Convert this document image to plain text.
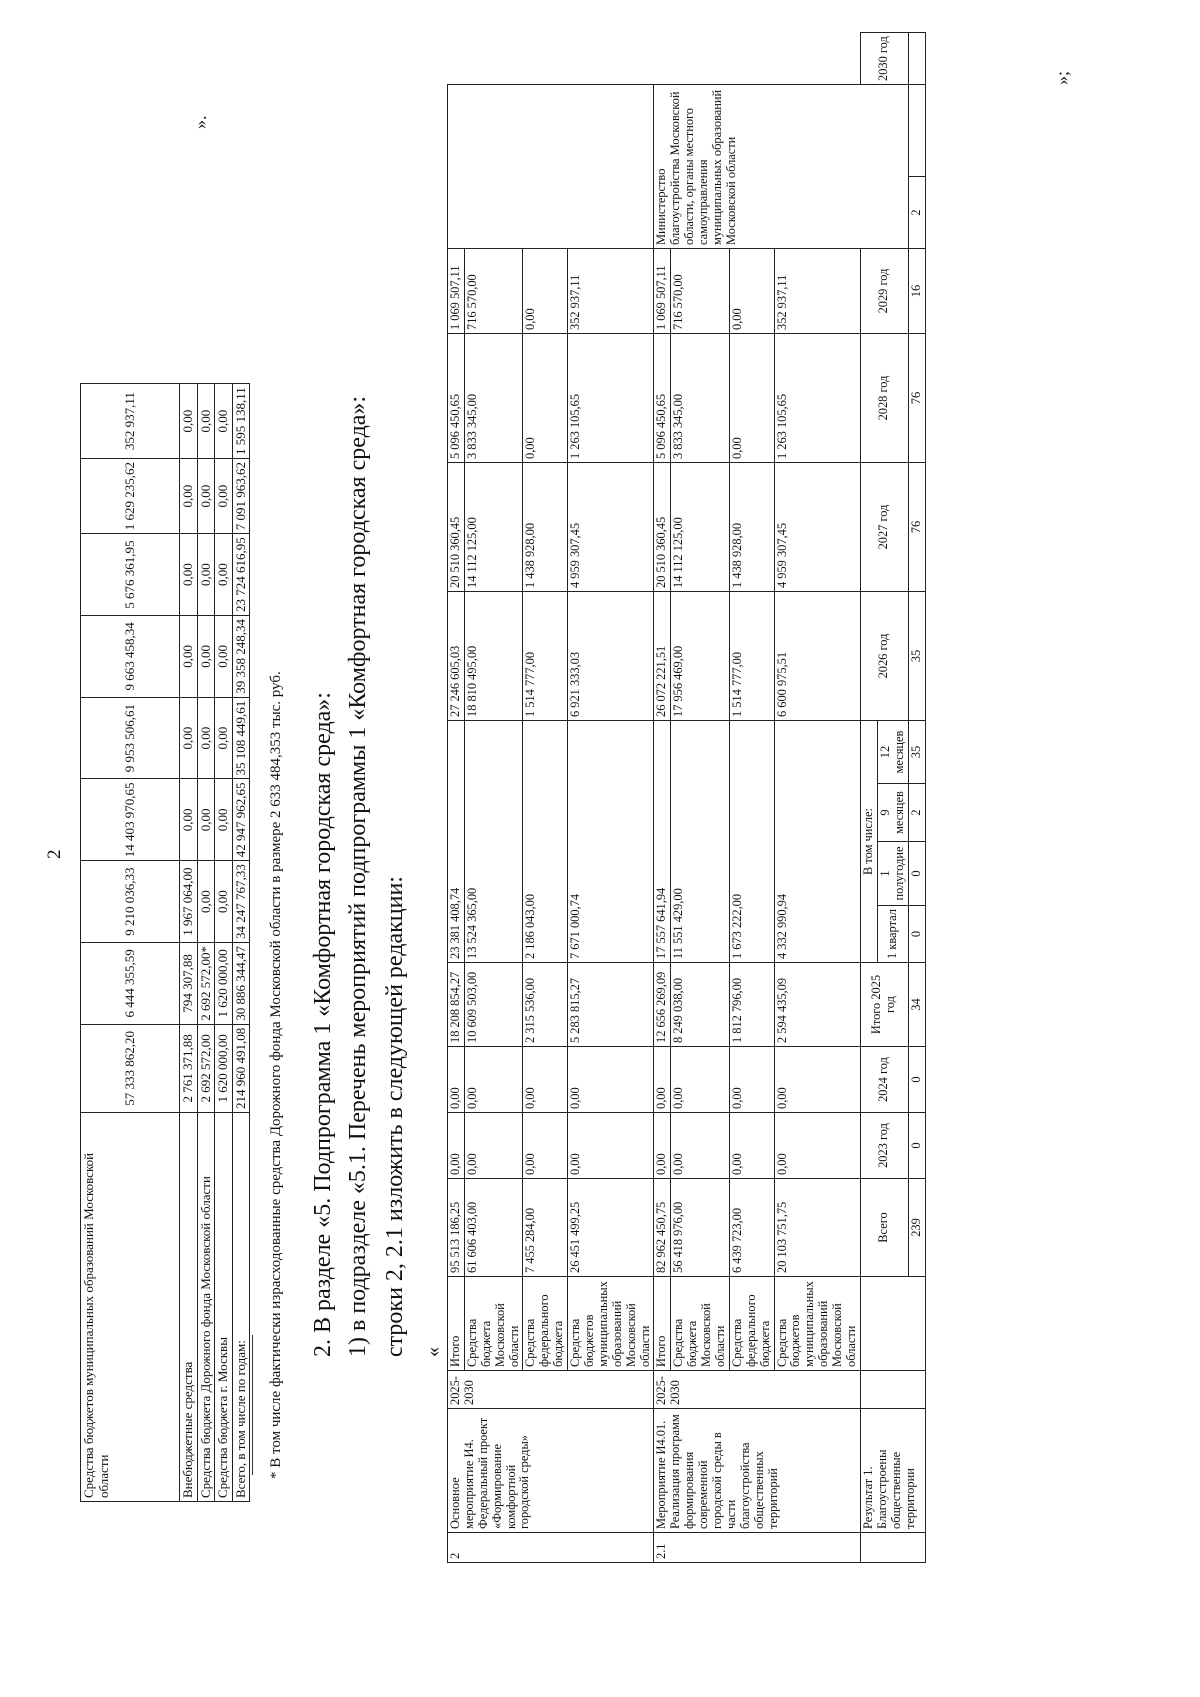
2
Средства бюджетов муниципальных образований Московской области	57 333 862,20	6 444 355,59	9 210 036,33	14 403 970,65	9 953 506,61	9 663 458,34	5 676 361,95	1 629 235,62	352 937,11
Внебюджетные средства	2 761 371,88	794 307,88	1 967 064,00	0,00	0,00	0,00	0,00	0,00	0,00
Средства бюджета Дорожного фонда Московской области	2 692 572,00	2 692 572,00*	0,00	0,00	0,00	0,00	0,00	0,00	0,00
Средства бюджета г. Москвы	1 620 000,00	1 620 000,00	0,00	0,00	0,00	0,00	0,00	0,00	0,00
Всего, в том числе по годам:	214 960 491,08	30 886 344,47	34 247 767,33	42 947 962,65	35 108 449,61	39 358 248,34	23 724 616,95	7 091 963,62	1 595 138,11
».
* В том числе фактически израсходованные средства Дорожного фонда Московской области в размере 2 633 484,353 тыс. руб. 2. В разделе «5. Подпрограмма 1 «Комфортная городская среда»: 1) в подразделе «5.1. Перечень мероприятий подпрограммы 1 «Комфортная городская среда»: строки 2, 2.1 изложить в следующей редакции: «
2	Основное мероприятие И4. Федеральный проект «Формирование комфортной городской среды»	2025-2030	Итого	95 513 186,25	0,00	0,00	18 208 854,27	23 381 408,74				27 246 605,03	20 510 360,45	5 096 450,65	1 069 507,11			
			Средства бюджета Московской области	61 606 403,00	0,00	0,00	10 609 503,00	13 524 365,00				18 810 495,00	14 112 125,00	3 833 345,00	716 570,00			
			Средства федерального бюджета	7 455 284,00	0,00	0,00	2 315 536,00	2 186 043,00				1 514 777,00	1 438 928,00	0,00	0,00			
			Средства бюджетов муниципальных образований Московской области	26 451 499,25	0,00	0,00	5 283 815,27	7 671 000,74				6 921 333,03	4 959 307,45	1 263 105,65	352 937,11			
2.1	Мероприятие И4.01. Реализация программ формирования современной городской среды в части благоустройства общественных территорий	2025-2030	Итого	82 962 450,75	0,00	0,00	12 656 269,09	17 557 641,94				26 072 221,51	20 510 360,45	5 096 450,65	1 069 507,11	Министерство благоустройства Московской области, органы местного самоуправления муниципальных образований Московской области		
			Средства бюджета Московской области	56 418 976,00	0,00	0,00	8 249 038,00	11 551 429,00				17 956 469,00	14 112 125,00	3 833 345,00	716 570,00			
			Средства федерального бюджета	6 439 723,00	0,00	0,00	1 812 796,00	1 673 222,00				1 514 777,00	1 438 928,00	0,00	0,00			
			Средства бюджетов муниципальных образований Московской области	20 103 751,75	0,00	0,00	2 594 435,09	4 332 990,94				6 600 975,51	4 959 307,45	1 263 105,65	352 937,11			
	Результат 1. Благоустроены общественные территории			Всего	2023 год	2024 год	Итого 2025 год	В том числе:				2026 год	2027 год	2028 год	2029 год			2030 год
								1 квартал	1 полугодие	9 месяцев	12 месяцев							
				239	0	0	34	0	0	2	35	35	76	76	16	2		
»;
